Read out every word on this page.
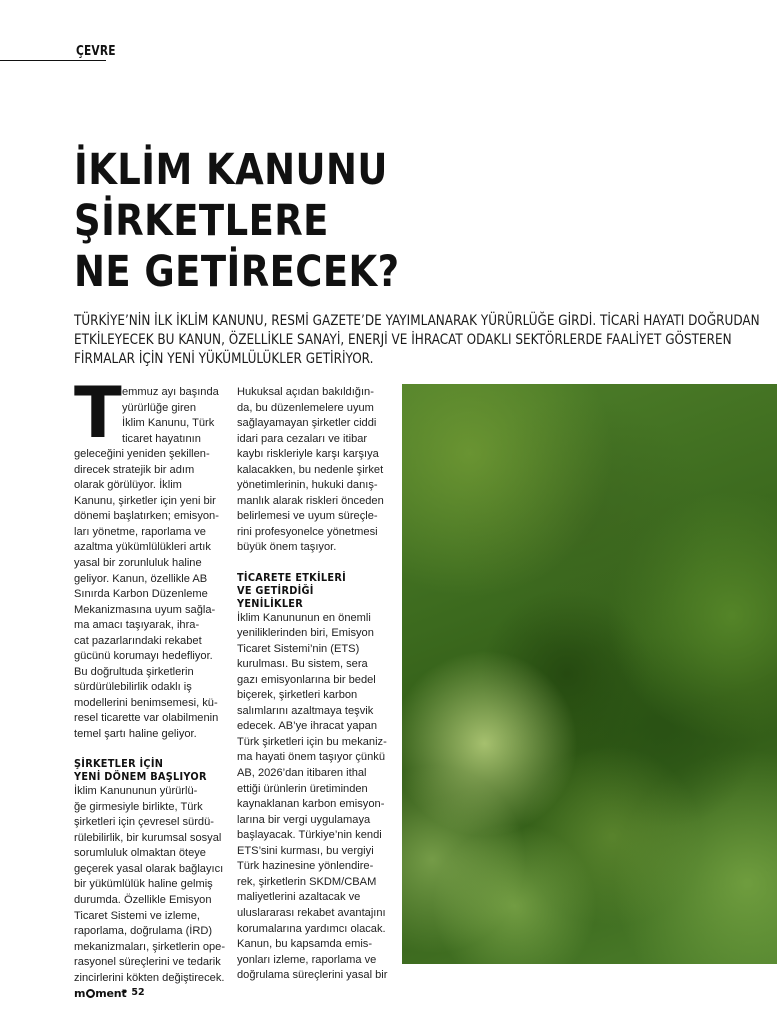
ÇEVRE

İKLİM KANUNU
ŞİRKETLERE
NE GETİRECEK?

TÜRKİYE’NİN İLK İKLİM KANUNU, RESMİ GAZETE’DE YAYIMLANARAK YÜRÜRLÜĞE GİRDİ. TİCARİ HAYATI DOĞRUDAN
ETKİLEYECEK BU KANUN, ÖZELLİKLE SANAYİ, ENERJİ VE İHRACAT ODAKLI SEKTÖRLERDE FAALİYET GÖSTEREN
FİRMALAR İÇİN YENİ YÜKÜMLÜLÜKLER GETİRİYOR.

T emmuz ayı başında
yürürlüğe giren
İklim Kanunu, Türk
ticaret hayatının
geleceğini yeniden şekillen-
direcek stratejik bir adım
olarak görülüyor. İklim
Kanunu, şirketler için yeni bir
dönemi başlatırken; emisyon-
ları yönetme, raporlama ve
azaltma yükümlülükleri artık
yasal bir zorunluluk haline
geliyor. Kanun, özellikle AB
Sınırda Karbon Düzenleme
Mekanizmasına uyum sağla-
ma amacı taşıyarak, ihra-
cat pazarlarındaki rekabet
gücünü korumayı hedefliyor.
Bu doğrultuda şirketlerin
sürdürülebilirlik odaklı iş
modellerini benimsemesi, kü-
resel ticarette var olabilmenin
temel şartı haline geliyor.
ŞİRKETLER İÇİN
YENİ DÖNEM BAŞLIYOR
İklim Kanununun yürürlü-
ğe girmesiyle birlikte, Türk
şirketleri için çevresel sürdü-
rülebilirlik, bir kurumsal sosyal
sorumluluk olmaktan öteye
geçerek yasal olarak bağlayıcı
bir yükümlülük haline gelmiş
durumda. Özellikle Emisyon
Ticaret Sistemi ve izleme,
raporlama, doğrulama (İRD)
mekanizmaları, şirketlerin ope-
rasyonel süreçlerini ve tedarik
zincirlerini kökten değiştirecek.
Hukuksal açıdan bakıldığın-
da, bu düzenlemelere uyum
sağlayamayan şirketler ciddi
idari para cezaları ve itibar
kaybı riskleriyle karşı karşıya
kalacakken, bu nedenle şirket
yönetimlerinin, hukuki danış-
manlık alarak riskleri önceden
belirlemesi ve uyum süreçle-
rini profesyonelce yönetmesi
büyük önem taşıyor.
TİCARETE ETKİLERİ
VE GETİRDİĞİ
YENİLİKLER
İklim Kanununun en önemli
yeniliklerinden biri, Emisyon
Ticaret Sistemi’nin (ETS)
kurulması. Bu sistem, sera
gazı emisyonlarına bir bedel
biçerek, şirketleri karbon
salımlarını azaltmaya teşvik
edecek. AB’ye ihracat yapan
Türk şirketleri için bu mekaniz-
ma hayati önem taşıyor çünkü
AB, 2026’dan itibaren ithal
ettiği ürünlerin üretiminden
kaynaklanan karbon emisyon-
larına bir vergi uygulamaya
başlayacak. Türkiye’nin kendi
ETS’sini kurması, bu vergiyi
Türk hazinesine yönlendire-
rek, şirketlerin SKDM/CBAM
maliyetlerini azaltacak ve
uluslararası rekabet avantajını
korumalarına yardımcı olacak.
Kanun, bu kapsamda emis-
yonları izleme, raporlama ve
doğrulama süreçlerini yasal bir

m ment

• 52
